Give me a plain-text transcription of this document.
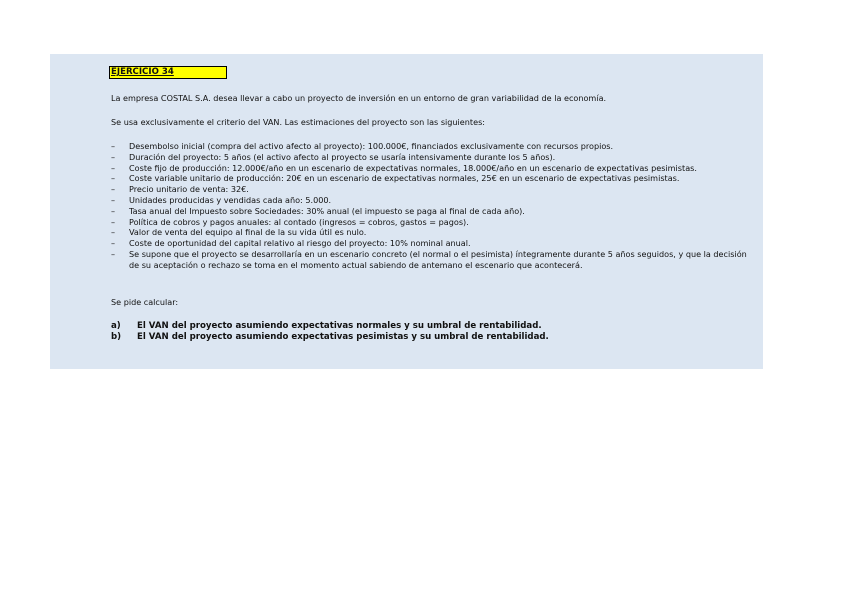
EJERCICIO 34
La empresa COSTAL S.A. desea llevar a cabo un proyecto de inversión en un entorno de gran variabilidad de la economía.
Se usa exclusivamente el criterio del VAN. Las estimaciones del proyecto son las siguientes:
– Desembolso inicial (compra del activo afecto al proyecto): 100.000€, financiados exclusivamente con recursos propios.
– Duración del proyecto: 5 años (el activo afecto al proyecto se usaría intensivamente durante los 5 años).
– Coste fijo de producción: 12.000€/año en un escenario de expectativas normales, 18.000€/año en un escenario de expectativas pesimistas.
– Coste variable unitario de producción: 20€ en un escenario de expectativas normales, 25€ en un escenario de expectativas pesimistas.
– Precio unitario de venta: 32€.
– Unidades producidas y vendidas cada año: 5.000.
– Tasa anual del Impuesto sobre Sociedades: 30% anual (el impuesto se paga al final de cada año).
– Política de cobros y pagos anuales: al contado (ingresos = cobros, gastos = pagos).
– Valor de venta del equipo al final de la su vida útil es nulo.
– Coste de oportunidad del capital relativo al riesgo del proyecto: 10% nominal anual.
– Se supone que el proyecto se desarrollaría en un escenario concreto (el normal o el pesimista) íntegramente durante 5 años seguidos, y que la decisión
de su aceptación o rechazo se toma en el momento actual sabiendo de antemano el escenario que acontecerá.
Se pide calcular:
a) El VAN del proyecto asumiendo expectativas normales y su umbral de rentabilidad.
b) El VAN del proyecto asumiendo expectativas pesimistas y su umbral de rentabilidad.
